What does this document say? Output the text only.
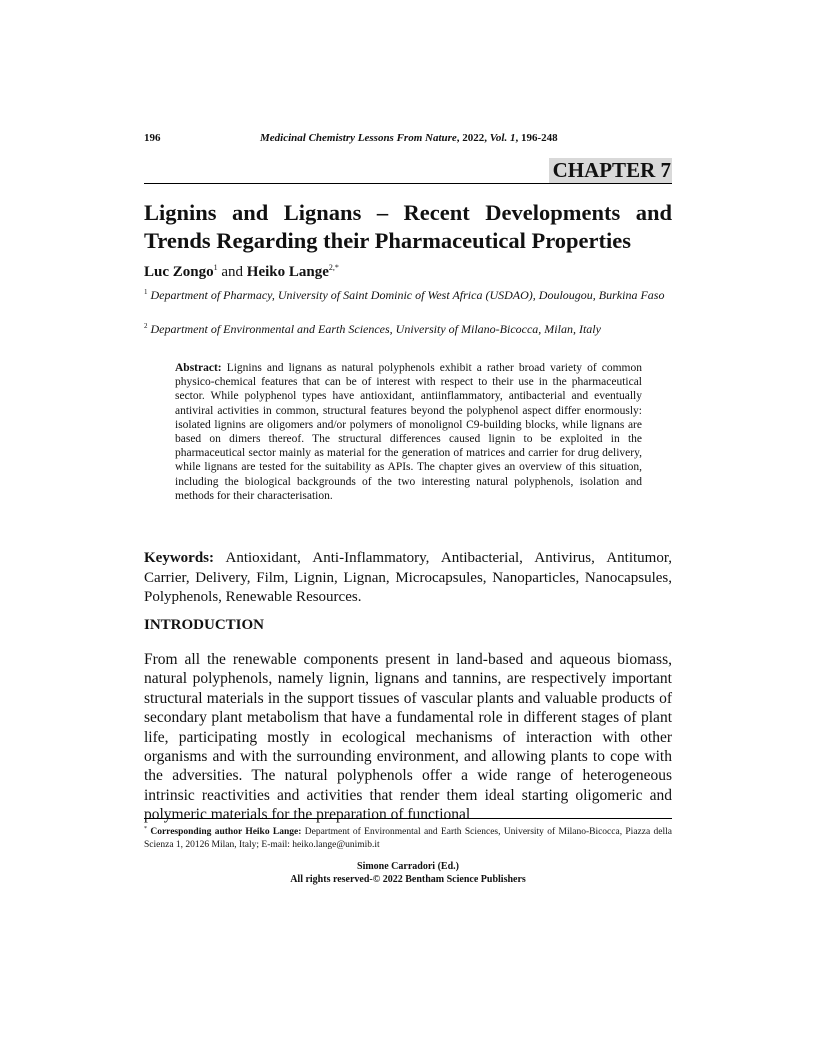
196	Medicinal Chemistry Lessons From Nature, 2022, Vol. 1, 196-248
CHAPTER 7
Lignins and Lignans – Recent Developments and
Trends Regarding their Pharmaceutical Properties
Luc Zongo$^1$ and Heiko Lange$^{2,*}$
$^1$ Department of Pharmacy, University of Saint Dominic of West Africa (USDAO), Doulougou, Burkina Faso
$^2$ Department of Environmental and Earth Sciences, University of Milano-Bicocca, Milan, Italy
Abstract: Lignins and lignans as natural polyphenols exhibit a rather broad variety of common physico-chemical features that can be of interest with respect to their use in the pharmaceutical sector. While polyphenol types have antioxidant, antiinflammatory, antibacterial and eventually antiviral activities in common, structural features beyond the polyphenol aspect differ enormously: isolated lignins are oligomers and/or polymers of monolignol C9-building blocks, while lignans are based on dimers thereof. The structural differences caused lignin to be exploited in the pharmaceutical sector mainly as material for the generation of matrices and carrier for drug delivery, while lignans are tested for the suitability as APIs. The chapter gives an overview of this situation, including the biological backgrounds of the two interesting natural polyphenols, isolation and methods for their characterisation.
Keywords: Antioxidant, Anti-Inflammatory, Antibacterial, Antivirus, Antitumor, Carrier, Delivery, Film, Lignin, Lignan, Microcapsules, Nanoparticles, Nanocapsules, Polyphenols, Renewable Resources.
INTRODUCTION
From all the renewable components present in land-based and aqueous biomass, natural polyphenols, namely lignin, lignans and tannins, are respectively important structural materials in the support tissues of vascular plants and valuable products of secondary plant metabolism that have a fundamental role in different stages of plant life, participating mostly in ecological mechanisms of interaction with other organisms and with the surrounding environment, and allowing plants to cope with the adversities. The natural polyphenols offer a wide range of heterogeneous intrinsic reactivities and activities that render them ideal starting oligomeric and polymeric materials for the preparation of functional
* Corresponding author Heiko Lange: Department of Environmental and Earth Sciences, University of Milano-Bicocca, Piazza della Scienza 1, 20126 Milan, Italy; E-mail: heiko.lange@unimib.it
Simone Carradori (Ed.)
All rights reserved-© 2022 Bentham Science Publishers
